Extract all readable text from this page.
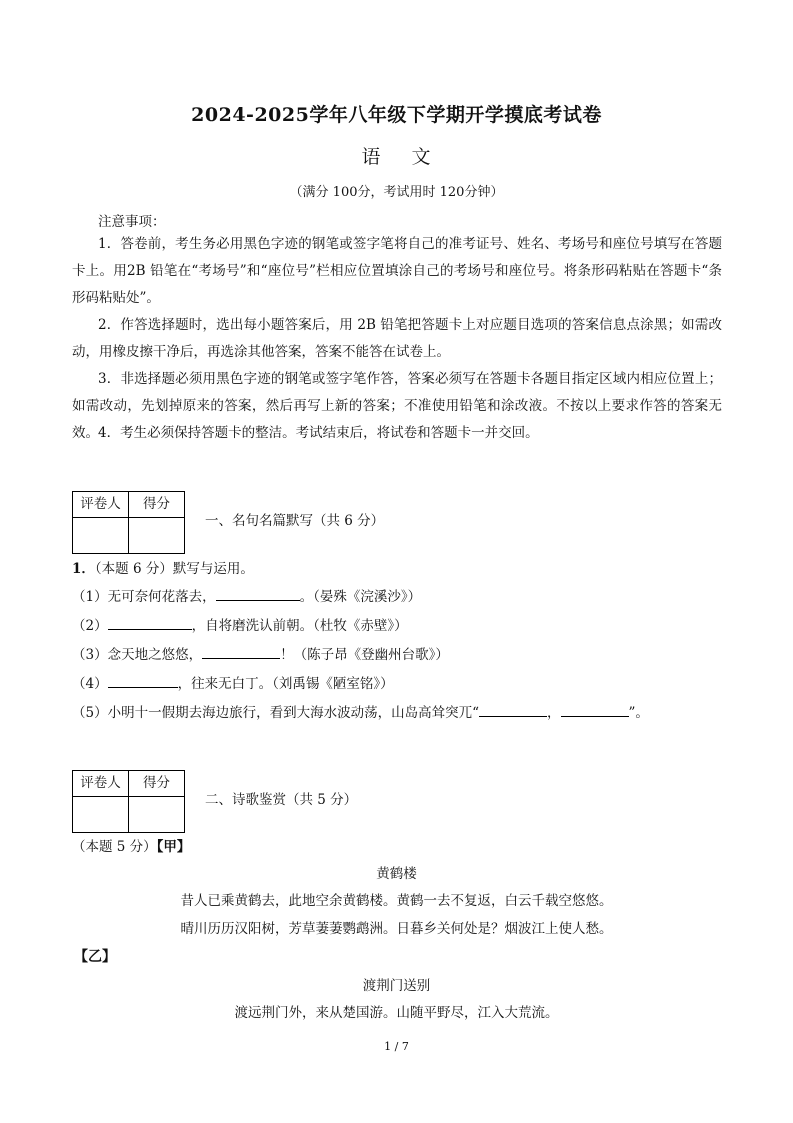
2024-2025学年八年级下学期开学摸底考试卷
语 文
（满分 100分，考试用时 120分钟）
注意事项：
1．答卷前，考生务必用黑色字迹的钢笔或签字笔将自己的准考证号、姓名、考场号和座位号填写在答题卡上。用2B 铅笔在“考场号”和“座位号”栏相应位置填涂自己的考场号和座位号。将条形码粘贴在答题卡“条形码粘贴处”。
2．作答选择题时，选出每小题答案后，用 2B 铅笔把答题卡上对应题目选项的答案信息点涂黑；如需改动，用橡皮擦干净后，再选涂其他答案，答案不能答在试卷上。
3．非选择题必须用黑色字迹的钢笔或签字笔作答，答案必须写在答题卡各题目指定区域内相应位置上；如需改动，先划掉原来的答案，然后再写上新的答案；不准使用铅笔和涂改液。不按以上要求作答的答案无效。 4．考生必须保持答题卡的整洁。考试结束后，将试卷和答题卡一并交回。
评卷人	得分

一、名句名篇默写（共 6 分）
1．（本题 6 分）默写与运用。
（1）无可奈何花落去，	。（晏殊《浣溪沙》）
（2）	，自将磨洗认前朝。（杜牧《赤壁》）
（3）念天地之悠悠，	！（陈子昂《登幽州台歌》）
（4）	，往来无白丁。（刘禹锡《陋室铭》）
（5）小明十一假期去海边旅行，看到大海水波动荡，山岛高耸突兀“	，	”。
评卷人	得分

二、诗歌鉴赏（共 5 分）
（本题 5 分）【甲】
黄鹤楼
昔人已乘黄鹤去，此地空余黄鹤楼。黄鹤一去不复返，白云千载空悠悠。
晴川历历汉阳树，芳草萋萋鹦鹉洲。日暮乡关何处是？烟波江上使人愁。
【乙】
渡荆门送别
渡远荆门外，来从楚国游。山随平野尽，江入大荒流。
1 / 7
